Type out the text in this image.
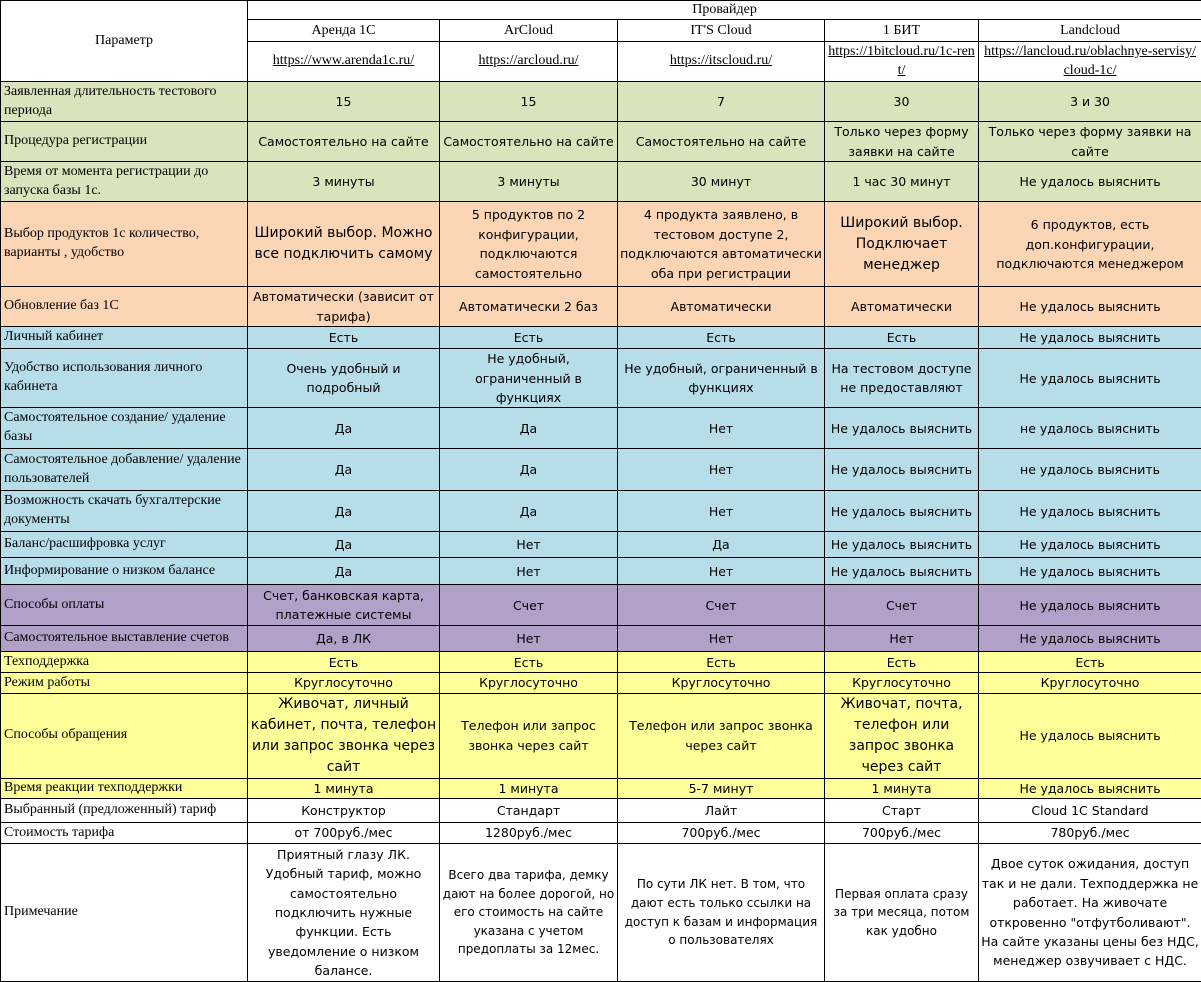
Параметр	Провайдер				
	Аренда 1С	ArCloud	IT'S Cloud	1 БИТ	Landcloud
	https://www.arenda1c.ru/	https://arcloud.ru/	https://itscloud.ru/	https://1bitcloud.ru/1c-rent/	https://lancloud.ru/oblachnye-servisy/cloud-1c/
Заявленная длительность тестового периода	15	15	7	30	3 и 30
Процедура регистрации	Самостоятельно на сайте	Самостоятельно на сайте	Самостоятельно на сайте	Только через форму заявки на сайте	Только через форму заявки на сайте
Время от момента регистрации до запуска базы 1с.	3 минуты	3 минуты	30 минут	1 час 30 минут	Не удалось выяснить
Выбор продуктов 1с количество, варианты , удобство	Широкий выбор. Можно все подключить самому	5 продуктов по 2 конфигурации, подключаются самостоятельно	4 продукта заявлено, в тестовом доступе 2, подключаются автоматически оба при регистрации	Широкий выбор. Подключает менеджер	6 продуктов, есть доп.конфигурации, подключаются менеджером
Обновление баз 1С	Автоматически (зависит от тарифа)	Автоматически 2 баз	Автоматически	Автоматически	Не удалось выяснить
Личный кабинет	Есть	Есть	Есть	Есть	Не удалось выяснить
Удобство использования личного кабинета	Очень удобный и подробный	Не удобный, ограниченный в функциях	Не удобный, ограниченный в функциях	На тестовом доступе не предоставляют	Не удалось выяснить
Самостоятельное создание/ удаление базы	Да	Да	Нет	Не удалось выяснить	не удалось выяснить
Самостоятельное добавление/ удаление пользователей	Да	Да	Нет	Не удалось выяснить	не удалось выяснить
Возможность скачать бухгалтерские документы	Да	Да	Нет	Не удалось выяснить	Не удалось выяснить
Баланс/расшифровка услуг	Да	Нет	Да	Не удалось выяснить	Не удалось выяснить
Информирование о низком балансе	Да	Нет	Нет	Не удалось выяснить	Не удалось выяснить
Способы оплаты	Счет, банковская карта, платежные системы	Счет	Счет	Счет	Не удалось выяснить
Самостоятельное выставление счетов	Да, в ЛК	Нет	Нет	Нет	Не удалось выяснить
Техподдержка	Есть	Есть	Есть	Есть	Есть
Режим работы	Круглосуточно	Круглосуточно	Круглосуточно	Круглосуточно	Круглосуточно
Способы обращения	Живочат, личный кабинет, почта, телефон или запрос звонка через сайт	Телефон или запрос звонка через сайт	Телефон или запрос звонка через сайт	Живочат, почта, телефон или запрос звонка через сайт	Не удалось выяснить
Время реакции техподдержки	1 минута	1 минута	5-7 минут	1 минута	Не удалось выяснить
Выбранный (предложенный) тариф	Конструктор	Стандарт	Лайт	Старт	Cloud 1C Standard
Стоимость тарифа	от 700руб./мес	1280руб./мес	700руб./мес	700руб./мес	780руб./мес
Примечание	Приятный глазу ЛК. Удобный тариф, можно самостоятельно подключить нужные функции. Есть уведомление о низком балансе.	Всего два тарифа, демку дают на более дорогой, но его стоимость на сайте указана с учетом предоплаты за 12мес.	По сути ЛК нет. В том, что дают есть только ссылки на доступ к базам и информация о пользователях	Первая оплата сразу за три месяца, потом как удобно	Двое суток ожидания, доступ так и не дали. Техподдержка не работает. На живочате откровенно "отфутболивают". На сайте указаны цены без НДС, менеджер озвучивает с НДС.
